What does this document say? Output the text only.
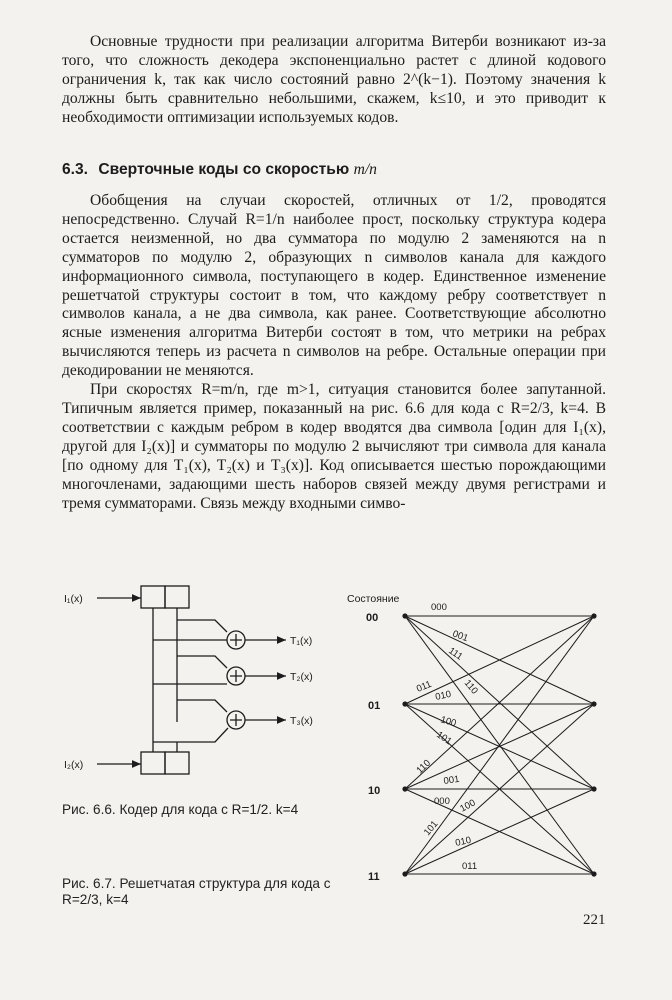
Основные трудности при реализации алгоритма Витерби возникают из-за того, что сложность декодера экспоненциально растет с длиной кодового ограничения k, так как число состояний равно 2^(k−1). Поэтому значения k должны быть сравнительно небольшими, скажем, k≤10, и это приводит к необходимости оптимизации используемых кодов.

6.3. Сверточные коды со скоростью m/n

Обобщения на случаи скоростей, отличных от 1/2, проводятся непосредственно. Случай R=1/n наиболее прост, поскольку структура кодера остается неизменной, но два сумматора по модулю 2 заменяются на n сумматоров по модулю 2, образующих n символов канала для каждого информационного символа, поступающего в кодер. Единственное изменение решетчатой структуры состоит в том, что каждому ребру соответствует n символов канала, а не два символа, как ранее. Соответствующие абсолютно ясные изменения алгоритма Витерби состоят в том, что метрики на ребрах вычисляются теперь из расчета n символов на ребре. Остальные операции при декодировании не меняются.

При скоростях R=m/n, где m>1, ситуация становится более запутанной. Типичным является пример, показанный на рис. 6.6 для кода с R=2/3, k=4. В соответствии с каждым ребром в кодер вводятся два символа [один для I₁(x), другой для I₂(x)] и сумматоры по модулю 2 вычисляют три символа для канала [по одному для T₁(x), T₂(x) и T₃(x)]. Код описывается шестью порождающими многочленами, задающими шесть наборов связей между двумя регистрами и тремя сумматорами. Связь между входными симво-

I₁(x)
I₂(x)
T₁(x)
T₂(x)
T₃(x)
Состояние
00
01
10
11
000
001
111
110
011
010
100
101
110
001
000 100
101
010
011

Рис. 6.6. Кодер для кода с R=1/2. k=4

Рис. 6.7. Решетчатая структура для кода с R=2/3, k=4

221
